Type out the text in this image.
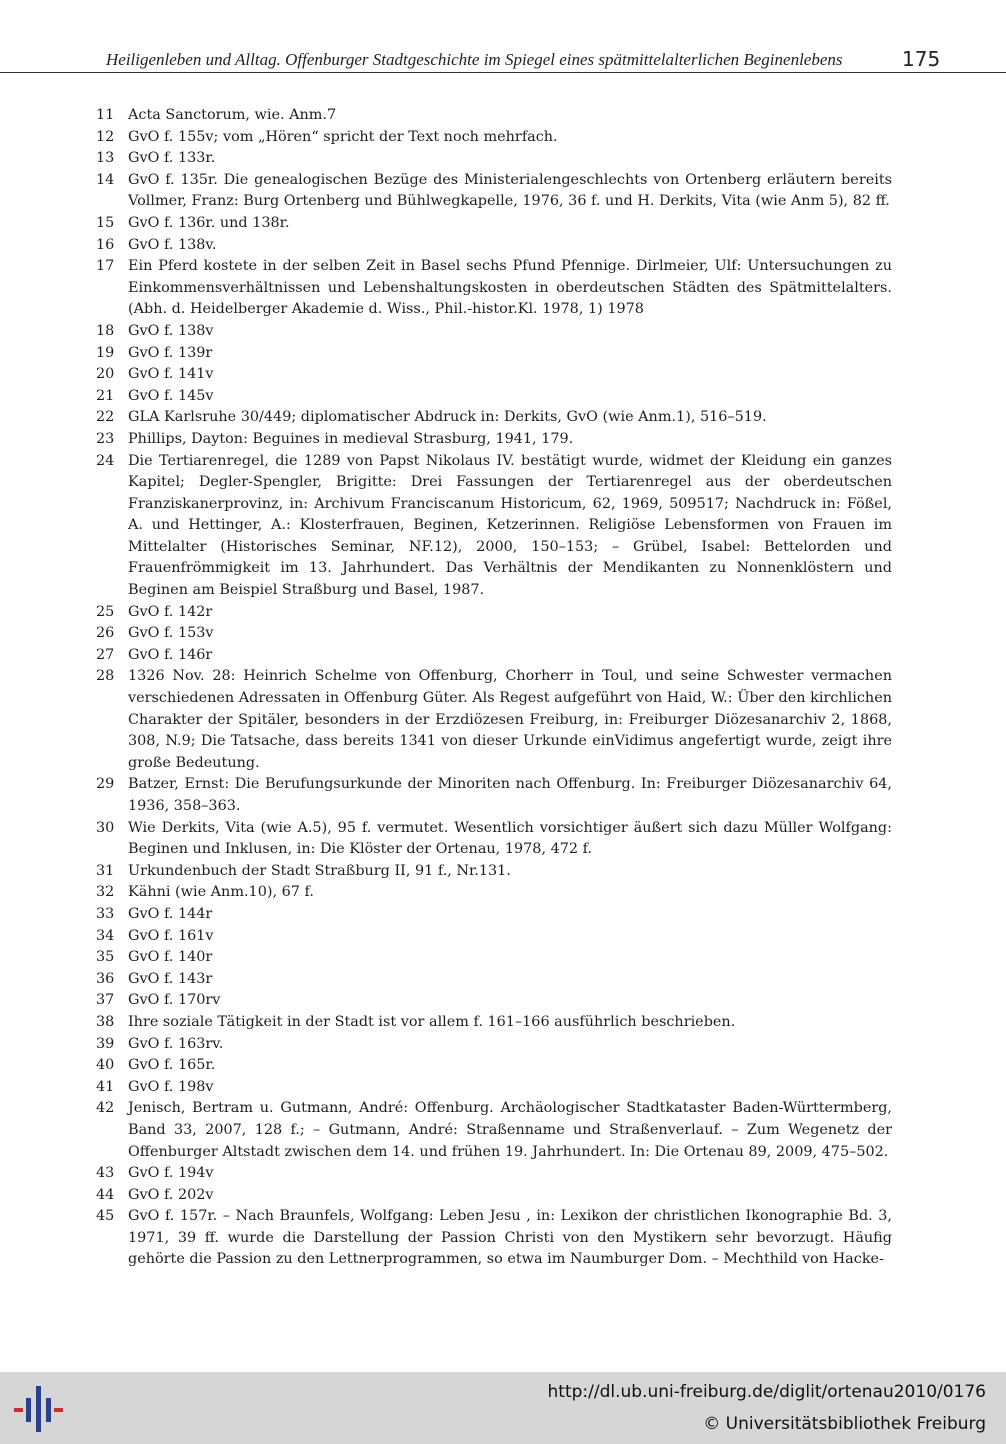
Heiligenleben und Alltag. Offenburger Stadtgeschichte im Spiegel eines spätmittelalterlichen Beginenlebens	175
11 Acta Sanctorum, wie. Anm.7
12 GvO f. 155v; vom „Hören“ spricht der Text noch mehrfach.
13 GvO f. 133r.
14 GvO f. 135r. Die genealogischen Bezüge des Ministerialengeschlechts von Ortenberg erläutern bereits Vollmer, Franz: Burg Ortenberg und Bühlwegkapelle, 1976, 36 f. und H. Derkits, Vita (wie Anm 5), 82 ff.
15 GvO f. 136r. und 138r.
16 GvO f. 138v.
17 Ein Pferd kostete in der selben Zeit in Basel sechs Pfund Pfennige. Dirlmeier, Ulf: Untersuchungen zu Einkommensverhältnissen und Lebenshaltungskosten in oberdeutschen Städten des Spätmittelalters. (Abh. d. Heidelberger Akademie d. Wiss., Phil.-histor.Kl. 1978, 1) 1978
18 GvO f. 138v
19 GvO f. 139r
20 GvO f. 141v
21 GvO f. 145v
22 GLA Karlsruhe 30/449; diplomatischer Abdruck in: Derkits, GvO (wie Anm.1), 516–519.
23 Phillips, Dayton: Beguines in medieval Strasburg, 1941, 179.
24 Die Tertiarenregel, die 1289 von Papst Nikolaus IV. bestätigt wurde, widmet der Kleidung ein ganzes Kapitel; Degler-Spengler, Brigitte: Drei Fassungen der Tertiarenregel aus der oberdeutschen Franziskanerprovinz, in: Archivum Franciscanum Historicum, 62, 1969, 509517; Nachdruck in: Fößel, A. und Hettinger, A.: Klosterfrauen, Beginen, Ketzerinnen. Religiöse Lebensformen von Frauen im Mittelalter (Historisches Seminar, NF.12), 2000, 150–153; – Grübel, Isabel: Bettelorden und Frauenfrömmigkeit im 13. Jahrhundert. Das Verhältnis der Mendikanten zu Nonnenklöstern und Beginen am Beispiel Straßburg und Basel, 1987.
25 GvO f. 142r
26 GvO f. 153v
27 GvO f. 146r
28 1326 Nov. 28: Heinrich Schelme von Offenburg, Chorherr in Toul, und seine Schwester vermachen verschiedenen Adressaten in Offenburg Güter. Als Regest aufgeführt von Haid, W.: Über den kirchlichen Charakter der Spitäler, besonders in der Erzdiözesen Freiburg, in: Freiburger Diözesanarchiv 2, 1868, 308, N.9; Die Tatsache, dass bereits 1341 von dieser Urkunde einVidimus angefertigt wurde, zeigt ihre große Bedeutung.
29 Batzer, Ernst: Die Berufungsurkunde der Minoriten nach Offenburg. In: Freiburger Diözesanarchiv 64, 1936, 358–363.
30 Wie Derkits, Vita (wie A.5), 95 f. vermutet. Wesentlich vorsichtiger äußert sich dazu Müller Wolfgang: Beginen und Inklusen, in: Die Klöster der Ortenau, 1978, 472 f.
31 Urkundenbuch der Stadt Straßburg II, 91 f., Nr.131.
32 Kähni (wie Anm.10), 67 f.
33 GvO f. 144r
34 GvO f. 161v
35 GvO f. 140r
36 GvO f. 143r
37 GvO f. 170rv
38 Ihre soziale Tätigkeit in der Stadt ist vor allem f. 161–166 ausführlich beschrieben.
39 GvO f. 163rv.
40 GvO f. 165r.
41 GvO f. 198v
42 Jenisch, Bertram u. Gutmann, André: Offenburg. Archäologischer Stadtkataster Baden-Württermberg, Band 33, 2007, 128 f.; – Gutmann, André: Straßenname und Straßenverlauf. – Zum Wegenetz der Offenburger Altstadt zwischen dem 14. und frühen 19. Jahrhundert. In: Die Ortenau 89, 2009, 475–502.
43 GvO f. 194v
44 GvO f. 202v
45 GvO f. 157r. – Nach Braunfels, Wolfgang: Leben Jesu , in: Lexikon der christlichen Ikonographie Bd. 3, 1971, 39 ff. wurde die Darstellung der Passion Christi von den Mystikern sehr bevorzugt. Häufig gehörte die Passion zu den Lettnerprogrammen, so etwa im Naumburger Dom. – Mechthild von Hacke-
http://dl.ub.uni-freiburg.de/diglit/ortenau2010/0176
© Universitätsbibliothek Freiburg
